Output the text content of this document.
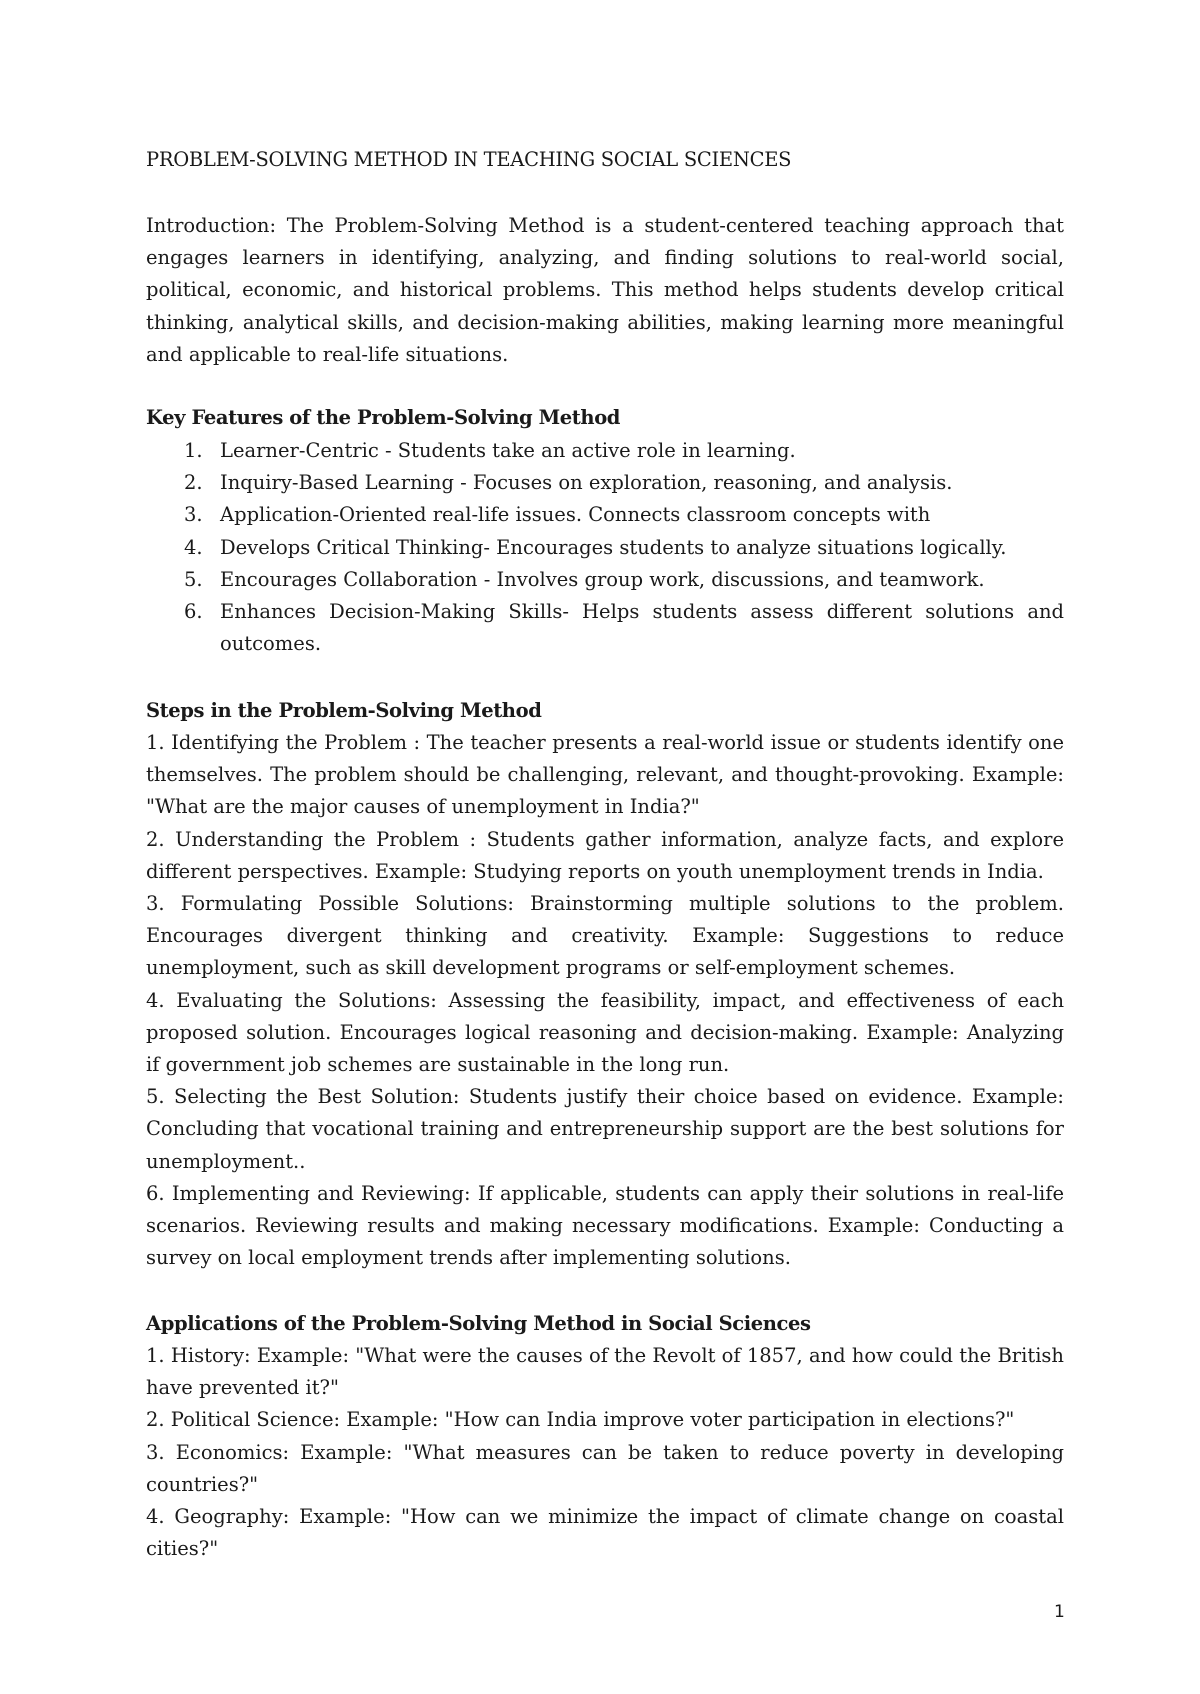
PROBLEM-SOLVING METHOD IN TEACHING SOCIAL SCIENCES

Introduction: The Problem-Solving Method is a student-centered teaching approach that engages learners in identifying, analyzing, and finding solutions to real-world social, political, economic, and historical problems. This method helps students develop critical thinking, analytical skills, and decision-making abilities, making learning more meaningful and applicable to real-life situations.

Key Features of the Problem-Solving Method
1. Learner-Centric - Students take an active role in learning.
2. Inquiry-Based Learning - Focuses on exploration, reasoning, and analysis.
3. Application-Oriented real-life issues. Connects classroom concepts with
4. Develops Critical Thinking- Encourages students to analyze situations logically.
5. Encourages Collaboration - Involves group work, discussions, and teamwork.
6. Enhances Decision-Making Skills- Helps students assess different solutions and outcomes.
Steps in the Problem-Solving Method

1. Identifying the Problem : The teacher presents a real-world issue or students identify one themselves. The problem should be challenging, relevant, and thought-provoking. Example: "What are the major causes of unemployment in India?"

2. Understanding the Problem : Students gather information, analyze facts, and explore different perspectives. Example: Studying reports on youth unemployment trends in India.

3. Formulating Possible Solutions: Brainstorming multiple solutions to the problem. Encourages divergent thinking and creativity. Example: Suggestions to reduce unemployment, such as skill development programs or self-employment schemes.

4. Evaluating the Solutions: Assessing the feasibility, impact, and effectiveness of each proposed solution. Encourages logical reasoning and decision-making. Example: Analyzing if government job schemes are sustainable in the long run.

5. Selecting the Best Solution: Students justify their choice based on evidence. Example: Concluding that vocational training and entrepreneurship support are the best solutions for unemployment..

6. Implementing and Reviewing: If applicable, students can apply their solutions in real-life scenarios. Reviewing results and making necessary modifications. Example: Conducting a survey on local employment trends after implementing solutions.

Applications of the Problem-Solving Method in Social Sciences

1. History: Example: "What were the causes of the Revolt of 1857, and how could the British have prevented it?"

2. Political Science: Example: "How can India improve voter participation in elections?"

3. Economics: Example: "What measures can be taken to reduce poverty in developing countries?"

4. Geography: Example: "How can we minimize the impact of climate change on coastal cities?"

1
